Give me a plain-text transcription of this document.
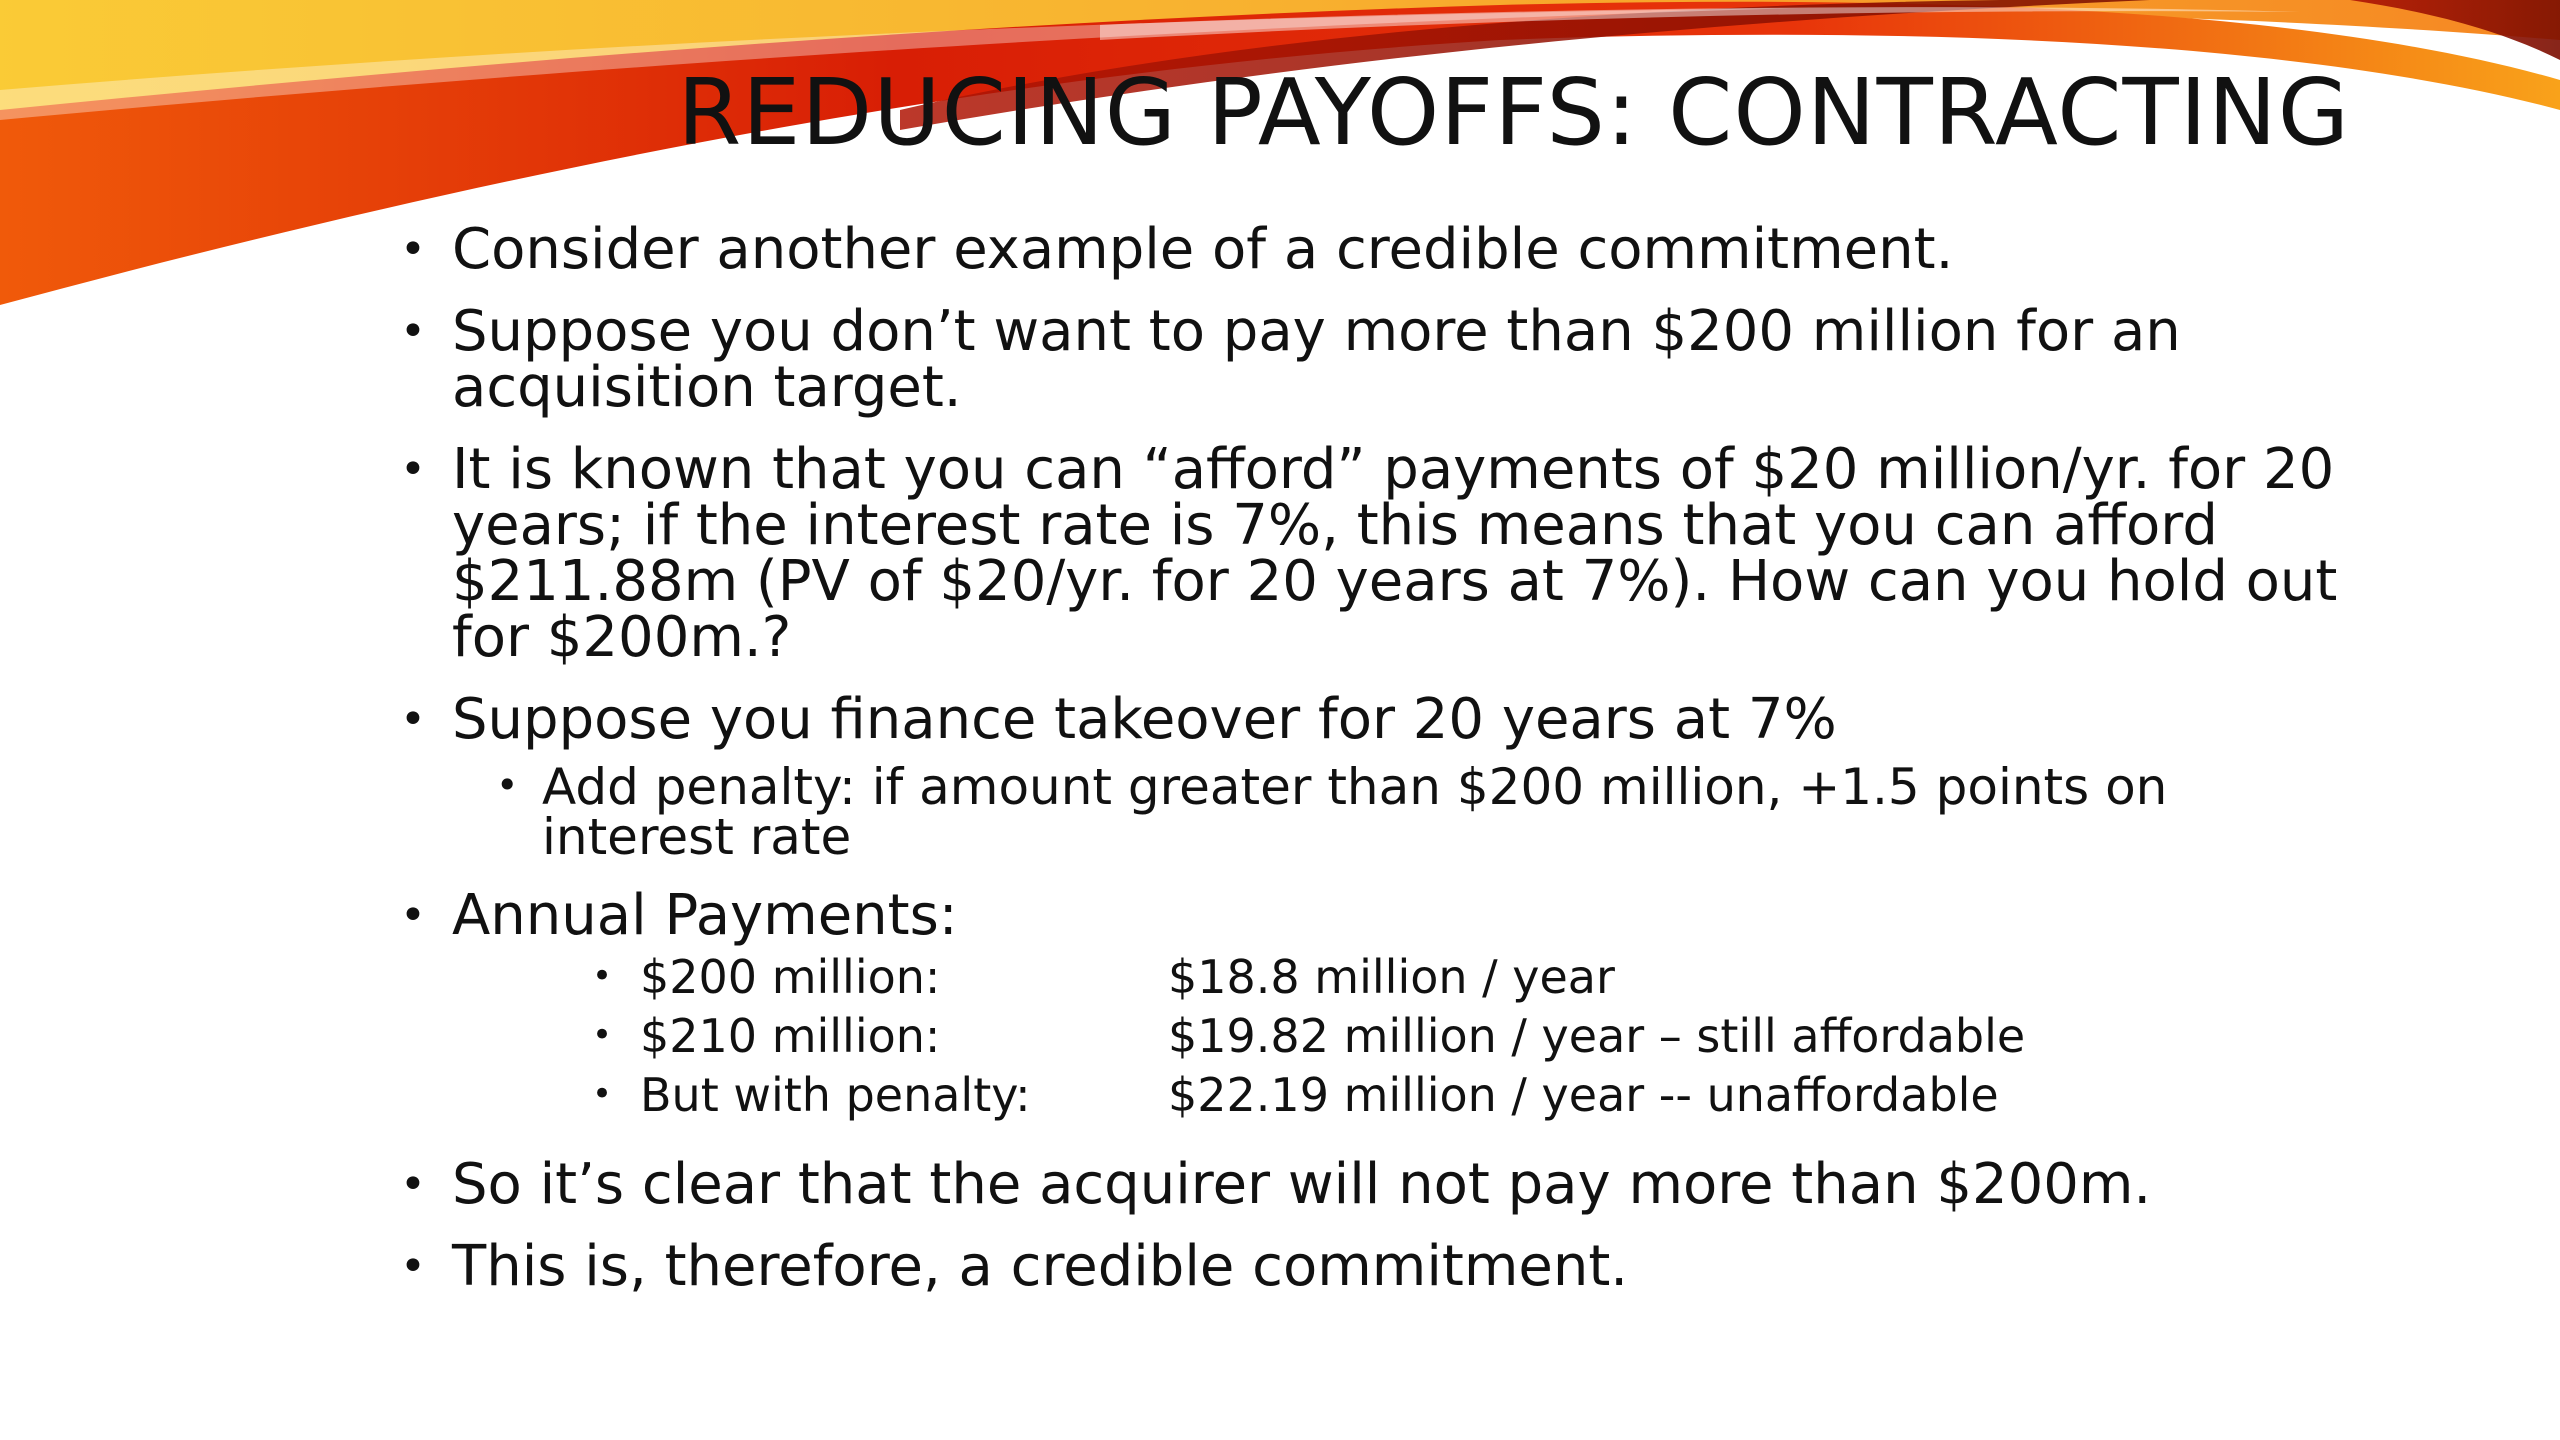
REDUCING PAYOFFS: CONTRACTING
• Consider another example of a credible commitment.
• Suppose you don’t want to pay more than $200 million for an acquisition target.
• It is known that you can “afford” payments of $20 million/yr. for 20 years; if the interest rate is 7%, this means that you can afford $211.88m (PV of $20/yr. for 20 years at 7%). How can you hold out for $200m.?
• Suppose you finance takeover for 20 years at 7%
• Add penalty: if amount greater than $200 million, +1.5 points on interest rate
• Annual Payments:
• $200 million:	$18.8 million / year
• $210 million:	$19.82 million / year – still affordable
• But with penalty:	$22.19 million / year -- unaffordable
• So it’s clear that the acquirer will not pay more than $200m.
• This is, therefore, a credible commitment.
